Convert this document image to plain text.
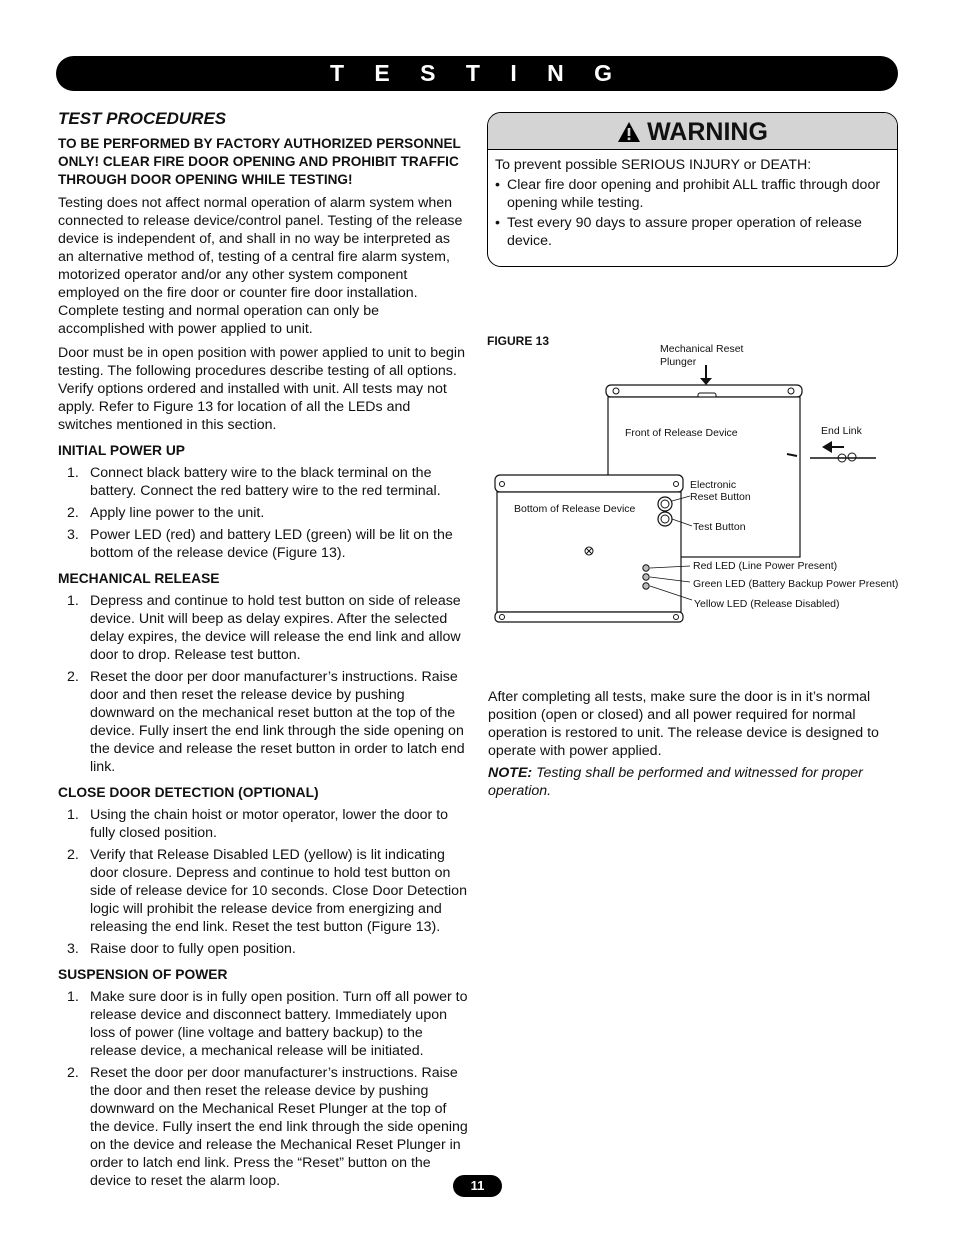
T E S T I N G
TEST PROCEDURES
TO BE PERFORMED BY FACTORY AUTHORIZED PERSONNEL ONLY! CLEAR FIRE DOOR OPENING AND PROHIBIT TRAFFIC THROUGH DOOR OPENING WHILE TESTING!

Testing does not affect normal operation of alarm system when connected to release device/control panel. Testing of the release device is independent of, and shall in no way be interpreted as an alternative method of, testing of a central fire alarm system, motorized operator and/or any other system component employed on the fire door or counter fire door installation. Complete testing and normal operation can only be accomplished with power applied to unit.

Door must be in open position with power applied to unit to begin testing. The following procedures describe testing of all options. Verify options ordered and installed with unit. All tests may not apply. Refer to Figure 13 for location of all the LEDs and switches mentioned in this section.

INITIAL POWER UP
1. Connect black battery wire to the black terminal on the battery. Connect the red battery wire to the red terminal.
2. Apply line power to the unit.
3. Power LED (red) and battery LED (green) will be lit on the bottom of the release device (Figure 13).
MECHANICAL RELEASE
1. Depress and continue to hold test button on side of release device. Unit will beep as delay expires. After the selected delay expires, the device will release the end link and allow door to drop. Release test button.
2. Reset the door per door manufacturer’s instructions. Raise door and then reset the release device by pushing downward on the mechanical reset button at the top of the device. Fully insert the end link through the side opening on the device and release the reset button in order to latch end link.
CLOSE DOOR DETECTION (OPTIONAL)
1. Using the chain hoist or motor operator, lower the door to fully closed position.
2. Verify that Release Disabled LED (yellow) is lit indicating door closure. Depress and continue to hold test button on side of release device for 10 seconds. Close Door Detection logic will prohibit the release device from energizing and releasing the end link. Reset the test button (Figure 13).
3. Raise door to fully open position.
SUSPENSION OF POWER
1. Make sure door is in fully open position. Turn off all power to release device and disconnect battery. Immediately upon loss of power (line voltage and battery backup) to the release device, a mechanical release will be initiated.
2. Reset the door per door manufacturer’s instructions. Raise the door and then reset the release device by pushing downward on the Mechanical Reset Plunger at the top of the device. Fully insert the end link through the side opening on the device and release the Mechanical Reset Plunger in order to latch end link. Press the “Reset” button on the device to reset the alarm loop.
WARNING
To prevent possible SERIOUS INJURY or DEATH:
• Clear fire door opening and prohibit ALL traffic through door opening while testing.
• Test every 90 days to assure proper operation of release device.
FIGURE 13
Mechanical Reset
Plunger
Front of Release Device	End Link
Bottom of Release Device
Electronic
Reset Button
Test Button
Red LED (Line Power Present)
Green LED (Battery Backup Power Present)
Yellow LED (Release Disabled)

After completing all tests, make sure the door is in it’s normal position (open or closed) and all power required for normal operation is restored to unit. The release device is designed to operate with power applied.

NOTE: Testing shall be performed and witnessed for proper operation.

11
